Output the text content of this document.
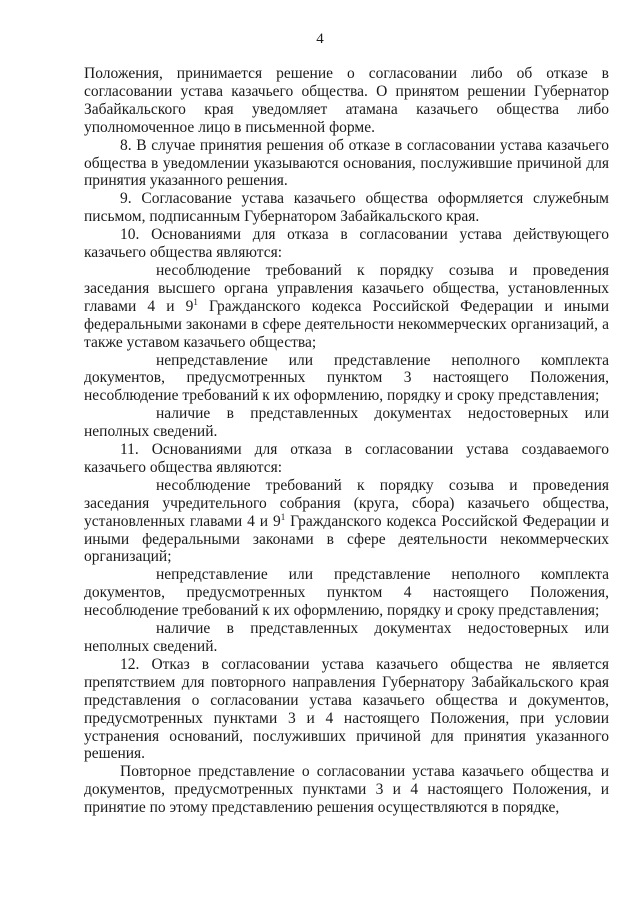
4

Положения, принимается решение о согласовании либо об отказе в согласовании устава казачьего общества. О принятом решении Губернатор Забайкальского края уведомляет атамана казачьего общества либо уполномоченное лицо в письменной форме.

8. В случае принятия решения об отказе в согласовании устава казачьего общества в уведомлении указываются основания, послужившие причиной для принятия указанного решения.

9. Согласование устава казачьего общества оформляется служебным письмом, подписанным Губернатором Забайкальского края.

10. Основаниями для отказа в согласовании устава действующего казачьего общества являются:

несоблюдение требований к порядку созыва и проведения заседания высшего органа управления казачьего общества, установленных главами 4 и $9^1$ Гражданского кодекса Российской Федерации и иными федеральными законами в сфере деятельности некоммерческих организаций, а также уставом казачьего общества;

непредставление или представление неполного комплекта документов, предусмотренных пунктом 3 настоящего Положения, несоблюдение требований к их оформлению, порядку и сроку представления;

наличие в представленных документах недостоверных или неполных сведений.

11. Основаниями для отказа в согласовании устава создаваемого казачьего общества являются:

несоблюдение требований к порядку созыва и проведения заседания учредительного собрания (круга, сбора) казачьего общества, установленных главами 4 и $9^1$ Гражданского кодекса Российской Федерации и иными федеральными законами в сфере деятельности некоммерческих организаций;

непредставление или представление неполного комплекта документов, предусмотренных пунктом 4 настоящего Положения, несоблюдение требований к их оформлению, порядку и сроку представления;

наличие в представленных документах недостоверных или неполных сведений.

12. Отказ в согласовании устава казачьего общества не является препятствием для повторного направления Губернатору Забайкальского края представления о согласовании устава казачьего общества и документов, предусмотренных пунктами 3 и 4 настоящего Положения, при условии устранения оснований, послуживших причиной для принятия указанного решения.

Повторное представление о согласовании устава казачьего общества и документов, предусмотренных пунктами 3 и 4 настоящего Положения, и принятие по этому представлению решения осуществляются в порядке,
